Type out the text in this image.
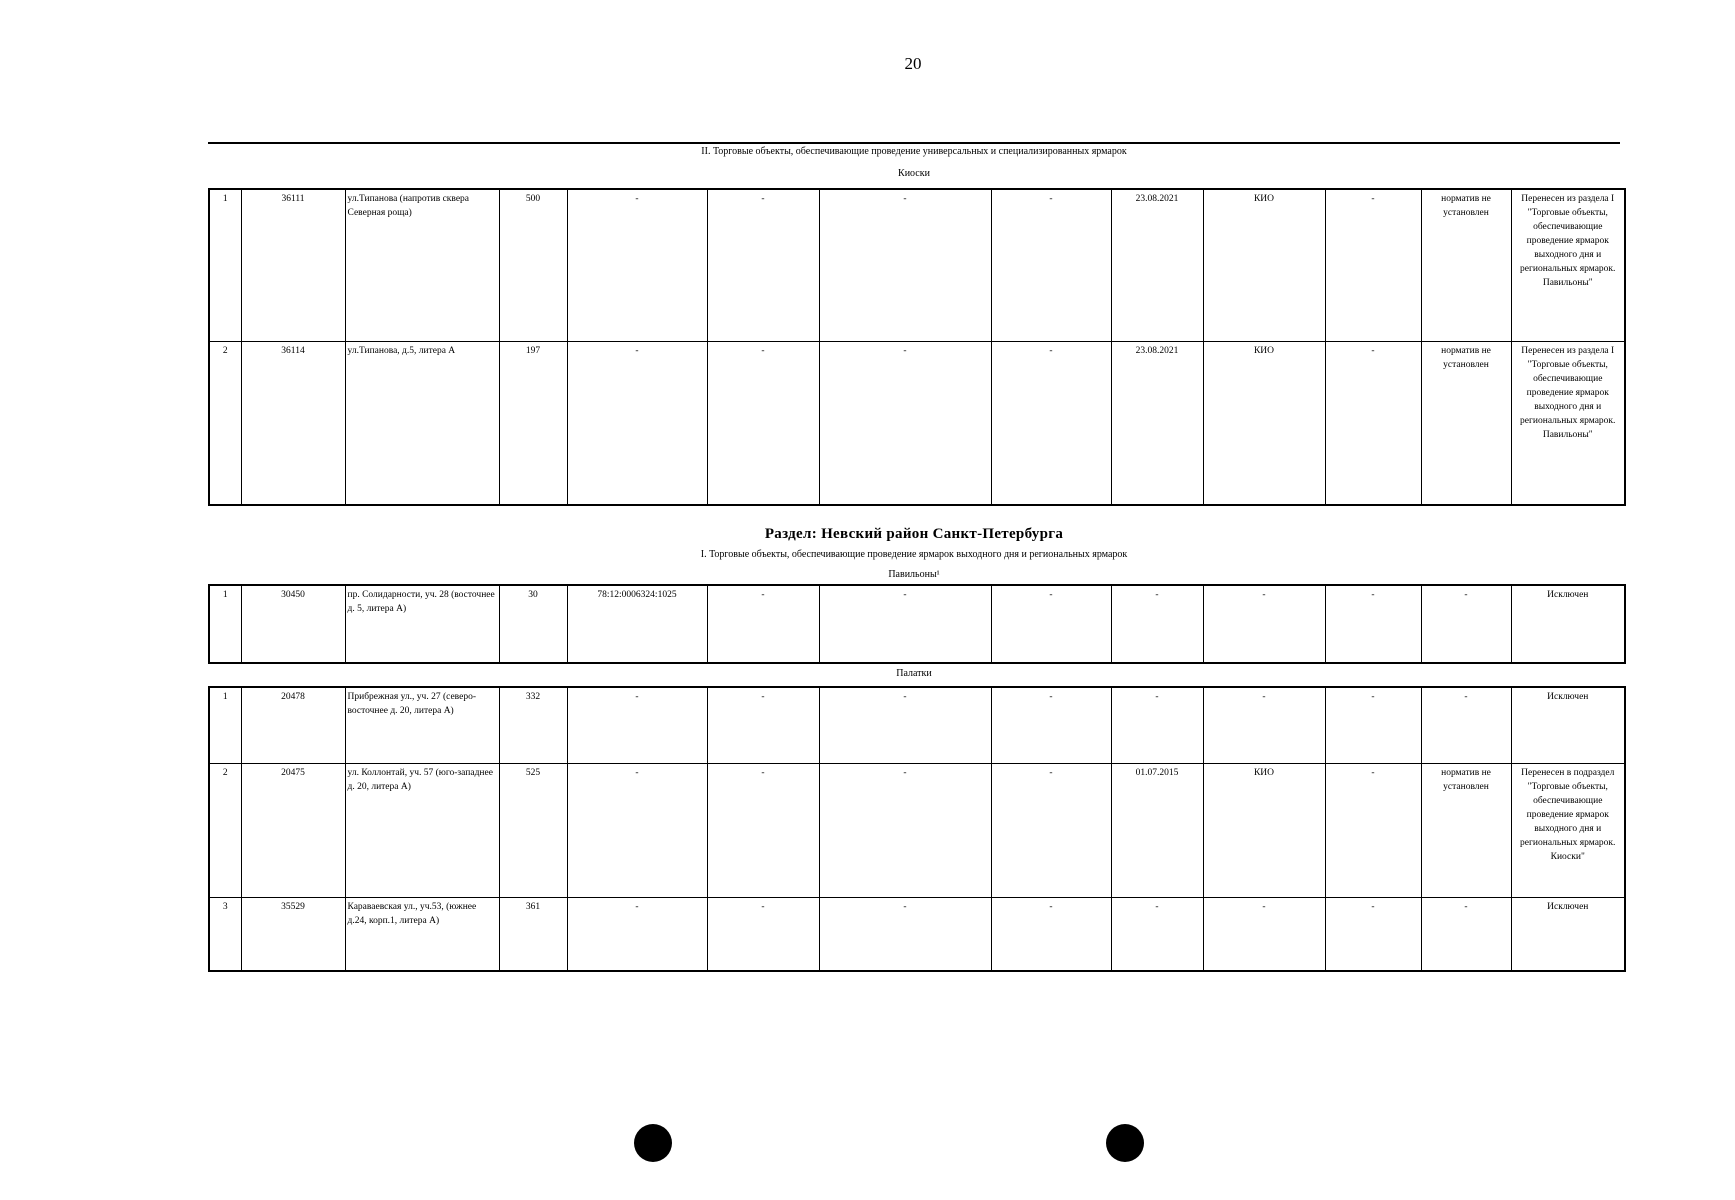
20
II. Торговые объекты, обеспечивающие проведение универсальных и специализированных ярмарок
Киоски
1	36111	ул.Типанова (напротив сквера Северная роща)	500	-	-	-	-	23.08.2021	КИО	-	норматив не установлен	Перенесен из раздела I "Торговые объекты, обеспечивающие проведение ярмарок выходного дня и региональных ярмарок. Павильоны"
2	36114	ул.Типанова, д.5, литера А	197	-	-	-	-	23.08.2021	КИО	-	норматив не установлен	Перенесен из раздела I "Торговые объекты, обеспечивающие проведение ярмарок выходного дня и региональных ярмарок. Павильоны"
Раздел: Невский район Санкт-Петербурга
I. Торговые объекты, обеспечивающие проведение ярмарок выходного дня и региональных ярмарок
Павильоны¹
1	30450	пр. Солидарности, уч. 28 (восточнее д. 5, литера А)	30	78:12:0006324:1025	-	-	-	-	-	-	-	Исключен
Палатки
1	20478	Прибрежная ул., уч. 27 (северо-восточнее д. 20, литера А)	332	-	-	-	-	-	-	-	-	Исключен
2	20475	ул. Коллонтай, уч. 57 (юго-западнее д. 20, литера А)	525	-	-	-	-	01.07.2015	КИО	-	норматив не установлен	Перенесен в подраздел "Торговые объекты, обеспечивающие проведение ярмарок выходного дня и региональных ярмарок. Киоски"
3	35529	Караваевская ул., уч.53, (южнее д.24, корп.1, литера А)	361	-	-	-	-	-	-	-	-	Исключен
